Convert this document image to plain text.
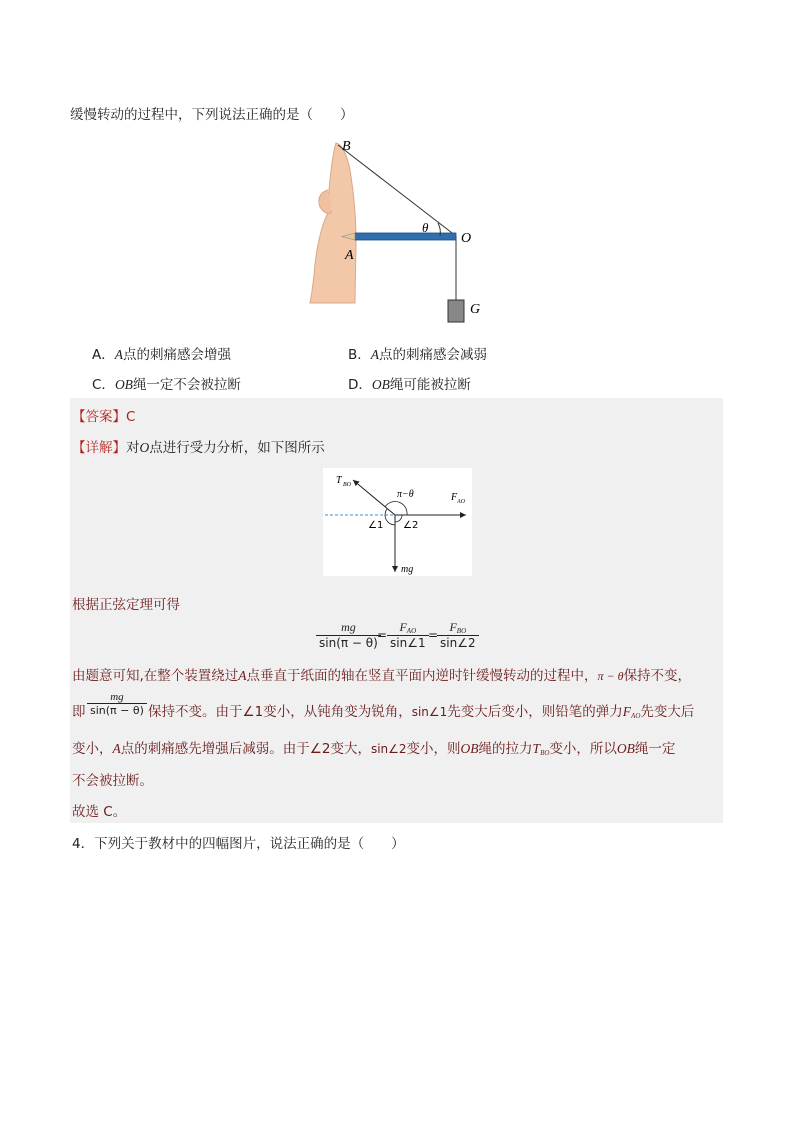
缓慢转动的过程中，下列说法正确的是（　　）
B
θ
O
A
G
A．A点的刺痛感会增强	B．A点的刺痛感会减弱
C．OB绳一定不会被拉断	D．OB绳可能被拉断
【答案】C
【详解】对O点进行受力分析，如下图所示
T BO
π−θ	F AO
∠1 ∠2
mg
根据正弦定理可得
$\frac{mg}{\sin(\pi - \theta)}$
=
$F_{AO}$
sin∠1
=
$F_{BO}$
sin∠2
由题意可知,在整个装置绕过A点垂直于纸面的轴在竖直平面内逆时针缓慢转动的过程中，π − θ保持不变，
即 $\frac{mg}{\sin(\pi - \theta)}$ 保持不变。由于∠1变小，从钝角变为锐角，sin∠1先变大后变小，则铅笔的弹力$F_{AO}$先变大后
变小，A点的刺痛感先增强后减弱。由于∠2变大，sin∠2变小，则OB绳的拉力$T_{BO}$变小，所以OB绳一定
不会被拉断。
故选 C。
4．下列关于教材中的四幅图片，说法正确的是（　　）
